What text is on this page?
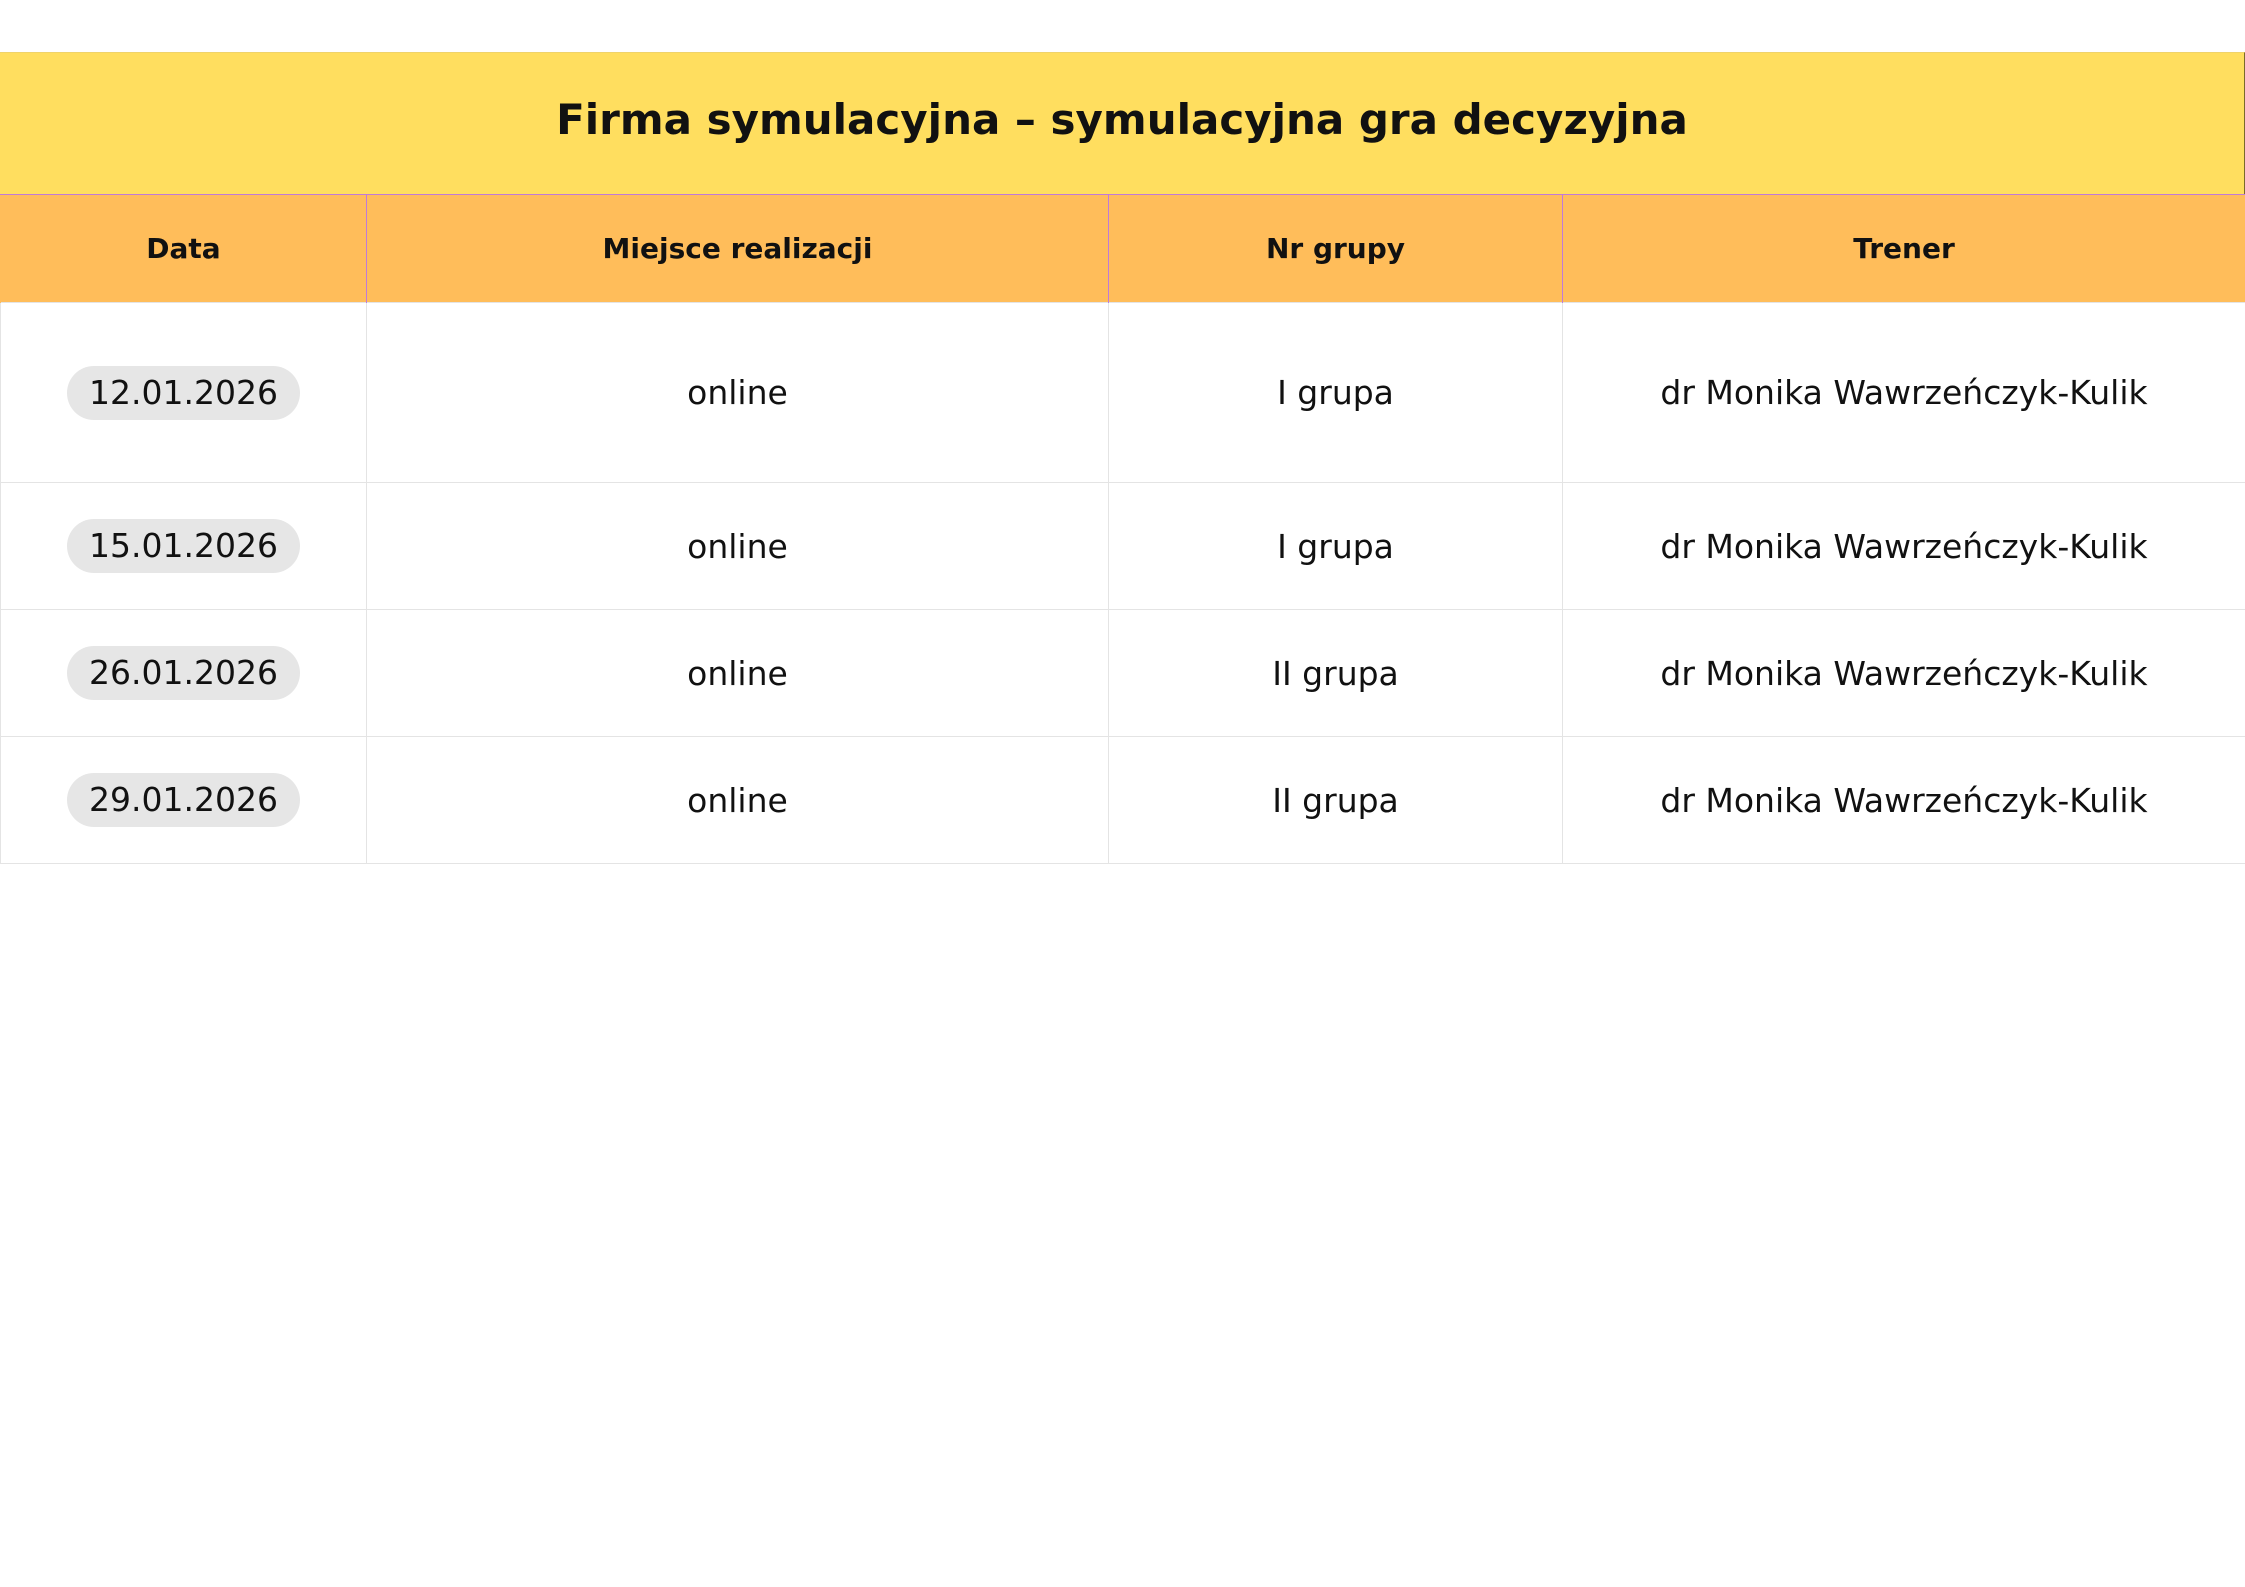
Firma symulacyjna – symulacyjna gra decyzyjna
Data	Miejsce realizacji	Nr grupy	Trener
12.01.2026	online	I grupa	dr Monika Wawrzeńczyk-Kulik
15.01.2026	online	I grupa	dr Monika Wawrzeńczyk-Kulik
26.01.2026	online	II grupa	dr Monika Wawrzeńczyk-Kulik
29.01.2026	online	II grupa	dr Monika Wawrzeńczyk-Kulik
